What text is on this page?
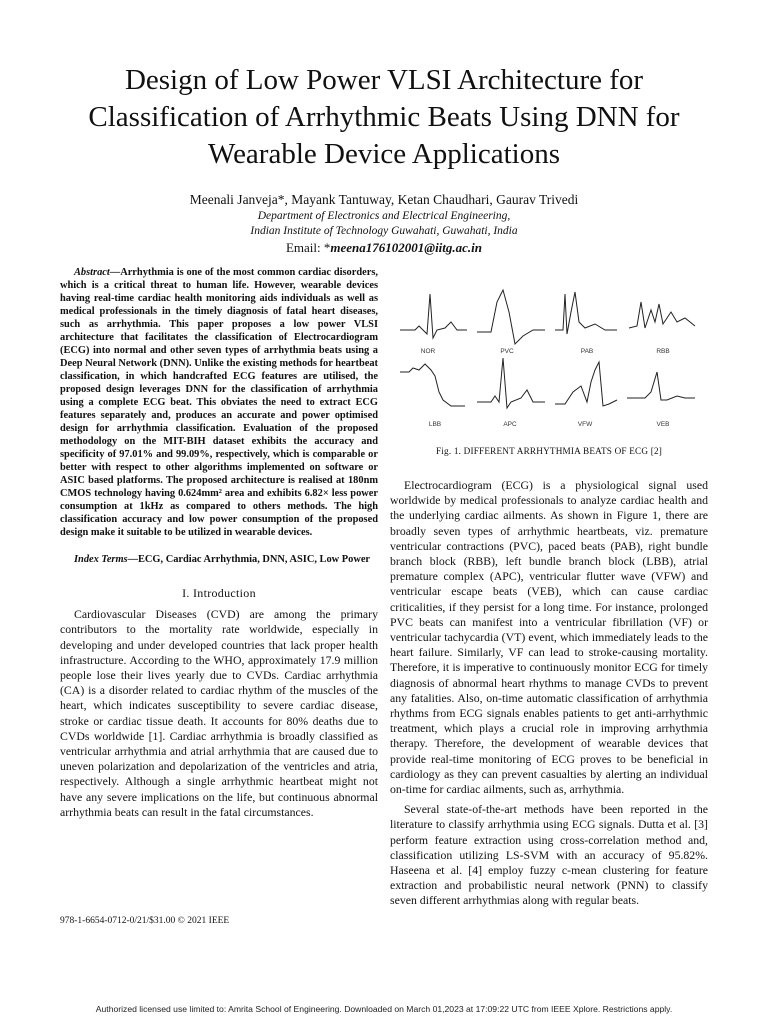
Design of Low Power VLSI Architecture for
Classification of Arrhythmic Beats Using DNN for
Wearable Device Applications
Meenali Janveja*, Mayank Tantuway, Ketan Chaudhari, Gaurav Trivedi
Department of Electronics and Electrical Engineering,
Indian Institute of Technology Guwahati, Guwahati, India
Email: *meena176102001@iitg.ac.in

Abstract—Arrhythmia is one of the most common cardiac disorders, which is a critical threat to human life. However, wearable devices having real-time cardiac health monitoring aids individuals as well as medical professionals in the timely diagnosis of fatal heart diseases, such as arrhythmia. This paper proposes a low power VLSI architecture that facilitates the classification of Electrocardiogram (ECG) into normal and other seven types of arrhythmia beats using a Deep Neural Network (DNN). Unlike the existing methods for heartbeat classification, in which handcrafted ECG features are utilised, the proposed design leverages DNN for the classification of arrhythmia using a complete ECG beat. This obviates the need to extract ECG features separately and, produces an accurate and power optimised design for arrhythmia classification. Evaluation of the proposed methodology on the MIT-BIH dataset exhibits the accuracy and specificity of 97.01% and 99.09%, respectively, which is comparable or better with respect to other algorithms implemented on software or ASIC based platforms. The proposed architecture is realised at 180nm CMOS technology having 0.624mm² area and exhibits 6.82× less power consumption at 1kHz as compared to others methods. The high classification accuracy and low power consumption of the proposed design make it suitable to be utilized in wearable devices.

Index Terms—ECG, Cardiac Arrhythmia, DNN, ASIC, Low Power

I. Introduction

Cardiovascular Diseases (CVD) are among the primary contributors to the mortality rate worldwide, especially in developing and under developed countries that lack proper health infrastructure. According to the WHO, approximately 17.9 million people lose their lives yearly due to CVDs. Cardiac arrhythmia (CA) is a disorder related to cardiac rhythm of the muscles of the heart, which indicates susceptibility to severe cardiac disease, stroke or cardiac tissue death. It accounts for 80% deaths due to CVDs worldwide [1]. Cardiac arrhythmia is broadly classified as ventricular arrhythmia and atrial arrhythmia that are caused due to uneven polarization and depolarization of the ventricles and atria, respectively. Although a single arrhythmic heartbeat might not have any severe implications on the life, but continuous abnormal arrhythmia beats can result in the fatal circumstances.

978-1-6654-0712-0/21/$31.00 © 2021 IEEE
NOR	PVC	PAB	RBB
LBB	APC	VFW	VEB
Fig. 1. DIFFERENT ARRHYTHMIA BEATS OF ECG [2]

Electrocardiogram (ECG) is a physiological signal used worldwide by medical professionals to analyze cardiac health and the underlying cardiac ailments. As shown in Figure 1, there are broadly seven types of arrhythmic heartbeats, viz. premature ventricular contractions (PVC), paced beats (PAB), right bundle branch block (RBB), left bundle branch block (LBB), atrial premature complex (APC), ventricular flutter wave (VFW) and ventricular escape beats (VEB), which can cause cardiac criticalities, if they persist for a long time. For instance, prolonged PVC beats can manifest into a ventricular fibrillation (VF) or ventricular tachycardia (VT) event, which immediately leads to the heart failure. Similarly, VF can lead to stroke-causing mortality. Therefore, it is imperative to continuously monitor ECG for timely diagnosis of abnormal heart rhythms to manage CVDs to prevent any fatalities. Also, on-time automatic classification of arrhythmia rhythms from ECG signals enables patients to get anti-arrhythmic treatment, which plays a crucial role in improving arrhythmia therapy. Therefore, the development of wearable devices that provide real-time monitoring of ECG proves to be beneficial in cardiology as they can prevent casualties by alerting an individual on-time for cardiac ailments, such as, arrhythmia.

Several state-of-the-art methods have been reported in the literature to classify arrhythmia using ECG signals. Dutta et al. [3] perform feature extraction using cross-correlation method and, classification utilizing LS-SVM with an accuracy of 95.82%. Haseena et al. [4] employ fuzzy c-mean clustering for feature extraction and probabilistic neural network (PNN) to classify seven different arrhythmias along with regular beats.

Authorized licensed use limited to: Amrita School of Engineering. Downloaded on March 01,2023 at 17:09:22 UTC from IEEE Xplore. Restrictions apply.
